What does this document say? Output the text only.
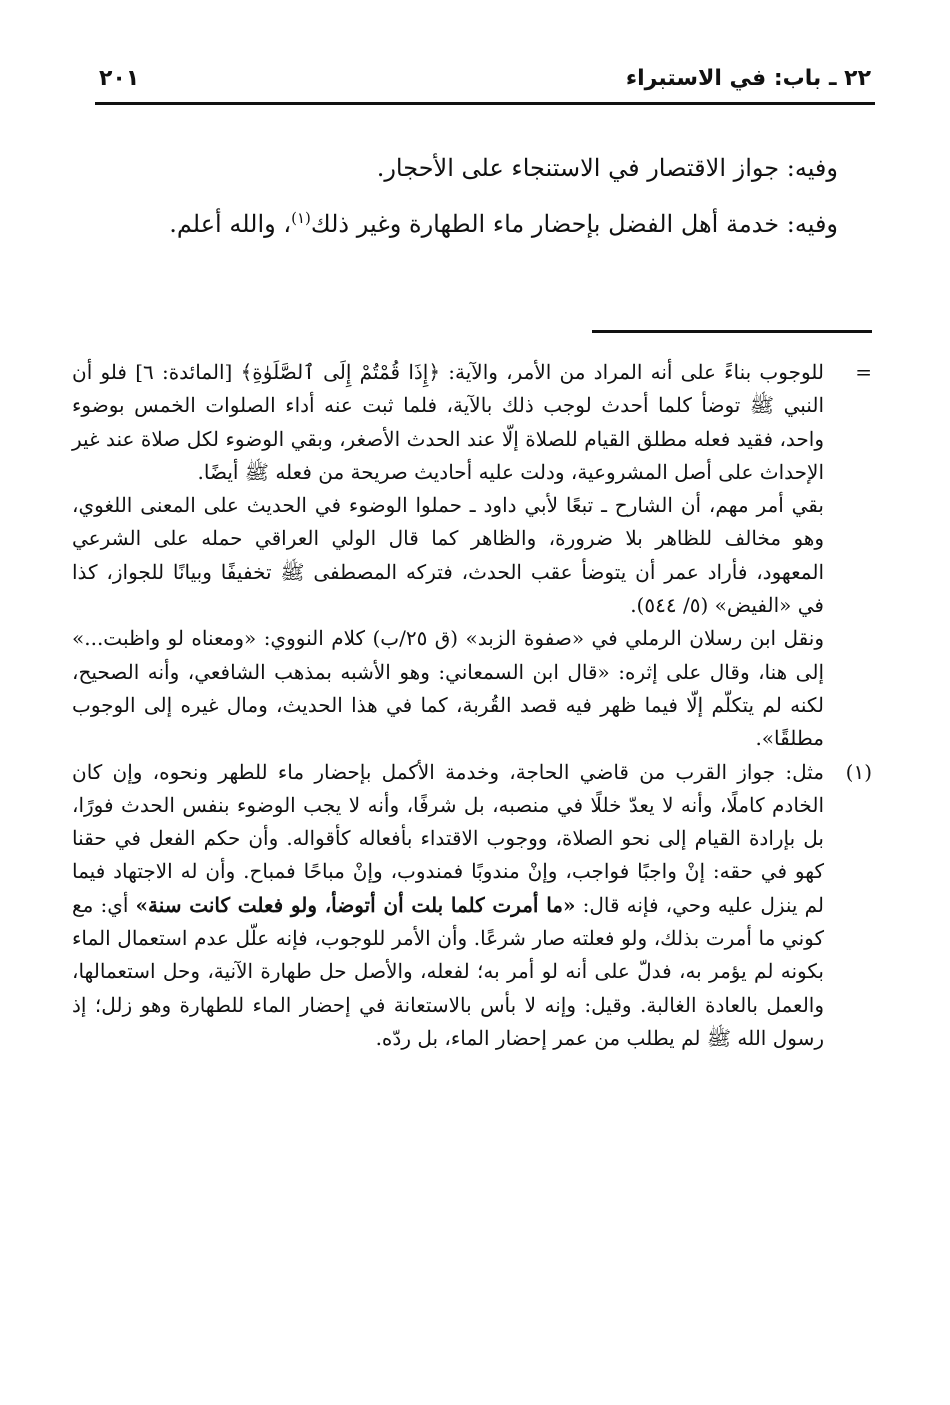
٢٢ ـ باب: في الاستبراء
٢٠١

وفيه: جواز الاقتصار في الاستنجاء على الأحجار.

وفيه: خدمة أهل الفضل بإحضار ماء الطهارة وغير ذلك$^{(١)}$، والله أعلم.

=

للوجوب بناءً على أنه المراد من الأمر، والآية: ﴿إِذَا قُمْتُمْ إِلَى ٱلصَّلَوٰةِ﴾ [المائدة: ٦] فلو أن النبي ﷺ توضأ كلما أحدث لوجب ذلك بالآية، فلما ثبت عنه أداء الصلوات الخمس بوضوء واحد، فقيد فعله مطلق القيام للصلاة إلّا عند الحدث الأصغر، وبقي الوضوء لكل صلاة عند غير الإحداث على أصل المشروعية، ودلت عليه أحاديث صريحة من فعله ﷺ أيضًا.

بقي أمر مهم، أن الشارح ـ تبعًا لأبي داود ـ حملوا الوضوء في الحديث على المعنى اللغوي، وهو مخالف للظاهر بلا ضرورة، والظاهر كما قال الولي العراقي حمله على الشرعي المعهود، فأراد عمر أن يتوضأ عقب الحدث، فتركه المصطفى ﷺ تخفيفًا وبيانًا للجواز، كذا في «الفيض» (٥/ ٥٤٤).

ونقل ابن رسلان الرملي في «صفوة الزبد» (ق ٢٥/ب) كلام النووي: «ومعناه لو واظبت...» إلى هنا، وقال على إثره: «قال ابن السمعاني: وهو الأشبه بمذهب الشافعي، وأنه الصحيح، لكنه لم يتكلّم إلّا فيما ظهر فيه قصد القُربة، كما في هذا الحديث، ومال غيره إلى الوجوب مطلقًا».

(١)

مثل: جواز القرب من قاضي الحاجة، وخدمة الأكمل بإحضار ماء للطهر ونحوه، وإن كان الخادم كاملًا، وأنه لا يعدّ خللًا في منصبه، بل شرفًا، وأنه لا يجب الوضوء بنفس الحدث فورًا، بل بإرادة القيام إلى نحو الصلاة، ووجوب الاقتداء بأفعاله كأقواله. وأن حكم الفعل في حقنا كهو في حقه: إنْ واجبًا فواجب، وإنْ مندوبًا فمندوب، وإنْ مباحًا فمباح. وأن له الاجتهاد فيما لم ينزل عليه وحي، فإنه قال: «ما أمرت كلما بلت أن أتوضأ، ولو فعلت كانت سنة» أي: مع كوني ما أمرت بذلك، ولو فعلته صار شرعًا. وأن الأمر للوجوب، فإنه علّل عدم استعمال الماء بكونه لم يؤمر به، فدلّ على أنه لو أمر به؛ لفعله، والأصل حل طهارة الآنية، وحل استعمالها، والعمل بالعادة الغالبة. وقيل: وإنه لا بأس بالاستعانة في إحضار الماء للطهارة وهو زلل؛ إذ رسول الله ﷺ لم يطلب من عمر إحضار الماء، بل ردّه.
